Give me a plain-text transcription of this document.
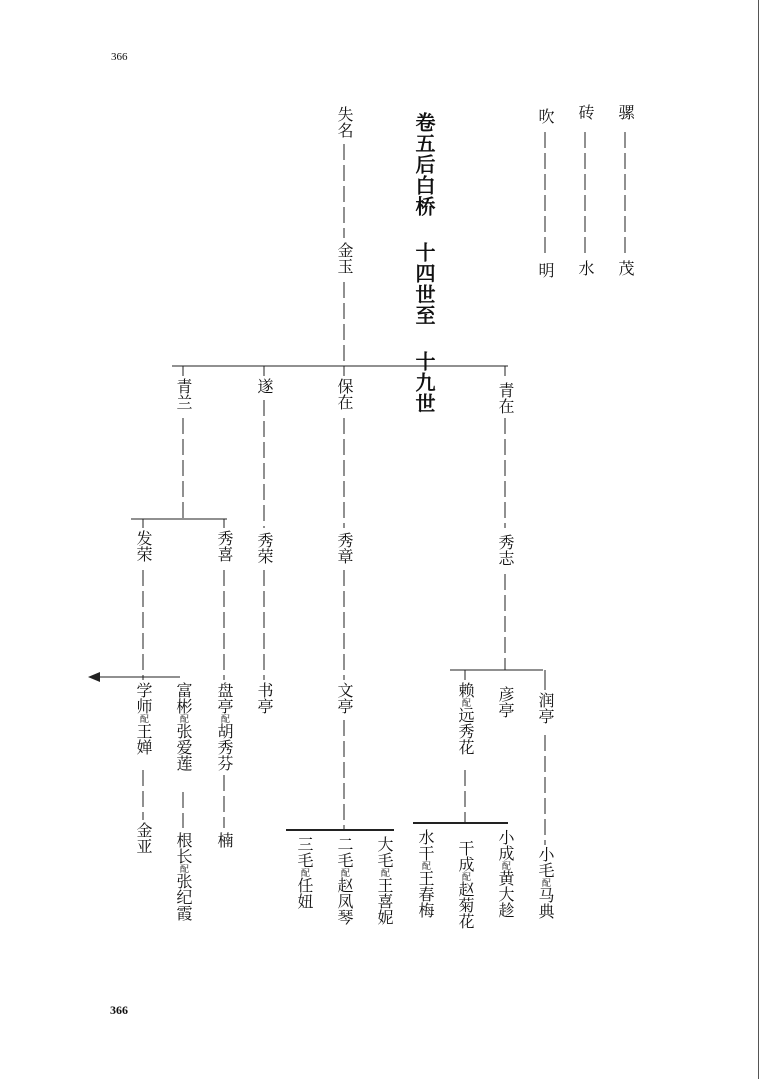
366
366
卷五后白桥 十四世至 十九世	骡
茂
砖
水
吹
明
失名
金玉
青在
保在
遂
青兰
秀志
秀章
秀荣
秀喜
发荣
润亭
彦亭
赖配远秀花
文亭
书亭
盘亭配胡秀芬
富彬配张爱莲
学师配王婵
小毛配马典
小成配黄大趁
干成配赵菊花
水干配王春梅
大毛配王喜妮
二毛配赵凤琴
三毛配任妞
楠
根长配张纪霞
金亚
